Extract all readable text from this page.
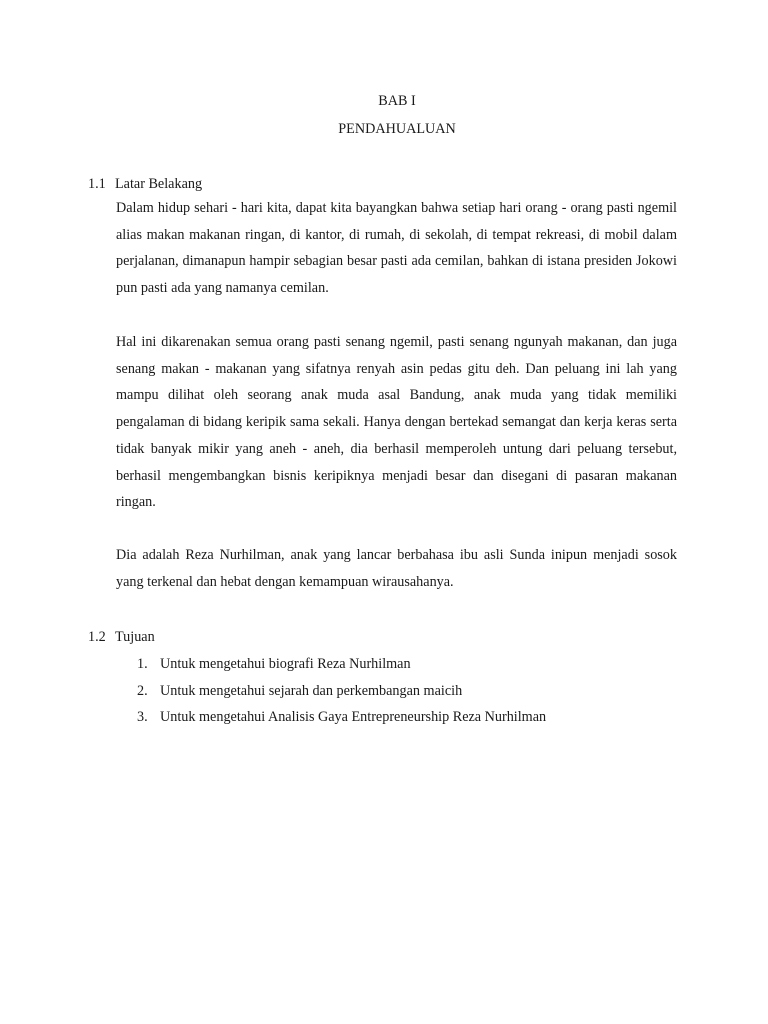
BAB I
PENDAHUALUAN
1.1 Latar Belakang

Dalam hidup sehari - hari kita, dapat kita bayangkan bahwa setiap hari orang - orang pasti ngemil alias makan makanan ringan, di kantor, di rumah, di sekolah, di tempat rekreasi, di mobil dalam perjalanan, dimanapun hampir sebagian besar pasti ada cemilan, bahkan di istana presiden Jokowi pun pasti ada yang namanya cemilan.

Hal ini dikarenakan semua orang pasti senang ngemil, pasti senang ngunyah makanan, dan juga senang makan - makanan yang sifatnya renyah asin pedas gitu deh. Dan peluang ini lah yang mampu dilihat oleh seorang anak muda asal Bandung, anak muda yang tidak memiliki pengalaman di bidang keripik sama sekali. Hanya dengan bertekad semangat dan kerja keras serta tidak banyak mikir yang aneh - aneh, dia berhasil memperoleh untung dari peluang tersebut, berhasil mengembangkan bisnis keripiknya menjadi besar dan disegani di pasaran makanan ringan.

Dia adalah Reza Nurhilman, anak yang lancar berbahasa ibu asli Sunda inipun menjadi sosok yang terkenal dan hebat dengan kemampuan wirausahanya.

1.2 Tujuan
1. Untuk mengetahui biografi Reza Nurhilman
2. Untuk mengetahui sejarah dan perkembangan maicih
3. Untuk mengetahui Analisis Gaya Entrepreneurship Reza Nurhilman
